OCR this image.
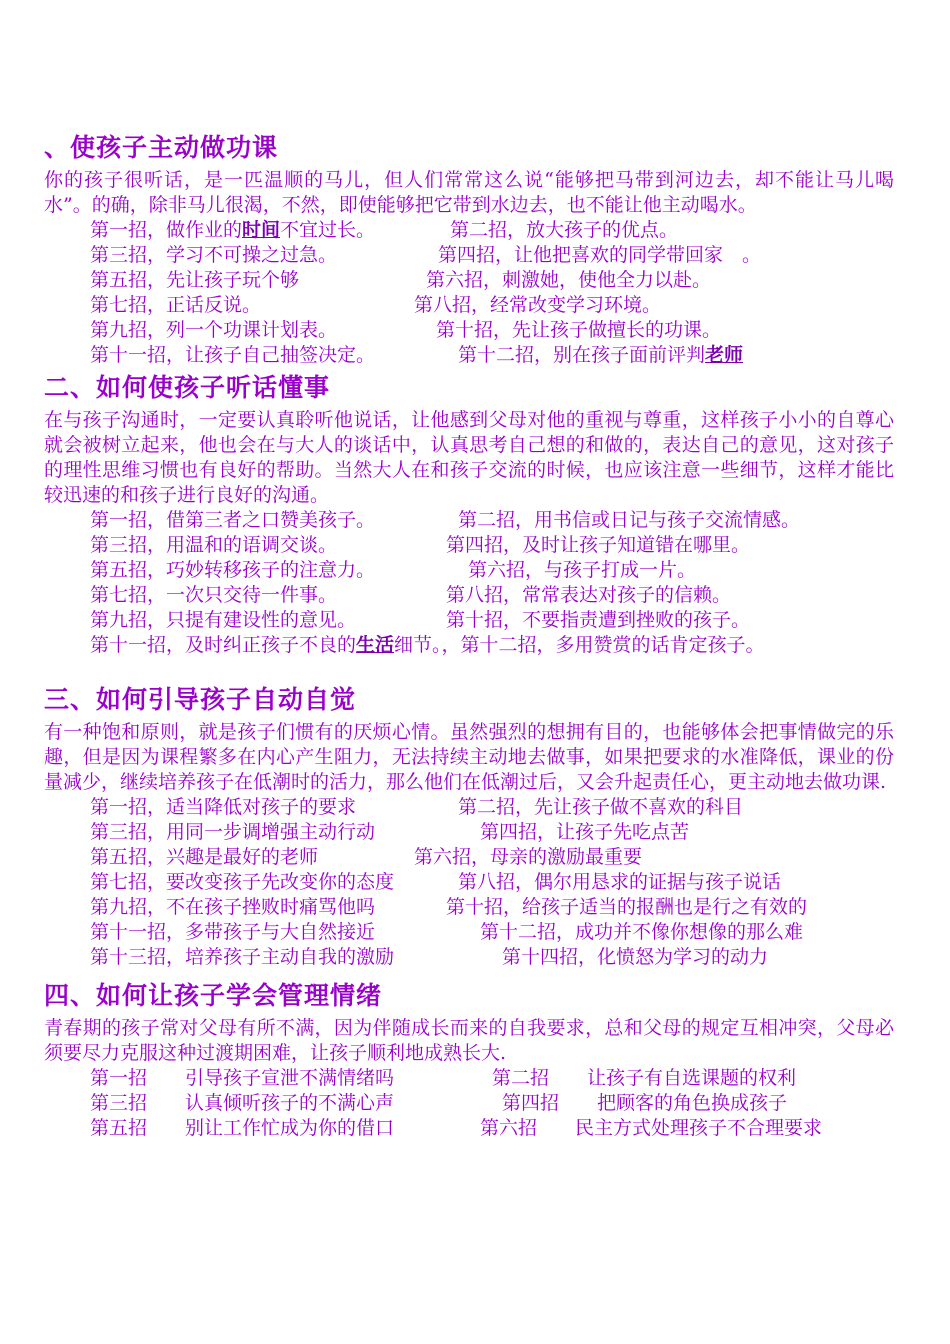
、使孩子主动做功课

你的孩子很听话，是一匹温顺的马儿，但人们常常这么说“能够把马带到河边去，却不能让马儿喝水”。的确，除非马儿很渴，不然，即使能够把它带到水边去，也不能让他主动喝水。

第一招，做作业的时间不宜过长。	第二招，放大孩子的优点。
第三招，学习不可操之过急。	第四招，让他把喜欢的同学带回家　。
第五招，先让孩子玩个够	第六招，刺激她，使他全力以赴。
第七招，正话反说。	第八招，经常改变学习环境。
第九招，列一个功课计划表。	第十招，先让孩子做擅长的功课。
第十一招，让孩子自己抽签决定。	第十二招，别在孩子面前评判老师
二、如何使孩子听话懂事

在与孩子沟通时，一定要认真聆听他说话，让他感到父母对他的重视与尊重，这样孩子小小的自尊心就会被树立起来，他也会在与大人的谈话中，认真思考自己想的和做的，表达自己的意见，这对孩子的理性思维习惯也有良好的帮助。当然大人在和孩子交流的时候，也应该注意一些细节，这样才能比较迅速的和孩子进行良好的沟通。

第一招，借第三者之口赞美孩子。	第二招，用书信或日记与孩子交流情感。
第三招，用温和的语调交谈。	第四招，及时让孩子知道错在哪里。
第五招，巧妙转移孩子的注意力。	第六招，与孩子打成一片。
第七招，一次只交待一件事。	第八招，常常表达对孩子的信赖。
第九招，只提有建设性的意见。	第十招，不要指责遭到挫败的孩子。
第十一招，及时纠正孩子不良的生活细节。，第十二招，多用赞赏的话肯定孩子。
三、如何引导孩子自动自觉

有一种饱和原则，就是孩子们惯有的厌烦心情。虽然强烈的想拥有目的，也能够体会把事情做完的乐趣，但是因为课程繁多在内心产生阻力，无法持续主动地去做事，如果把要求的水准降低，课业的份量减少，继续培养孩子在低潮时的活力，那么他们在低潮过后，又会升起责任心，更主动地去做功课.

第一招，适当降低对孩子的要求	第二招，先让孩子做不喜欢的科目
第三招，用同一步调增强主动行动	第四招，让孩子先吃点苦
第五招，兴趣是最好的老师	第六招，母亲的激励最重要
第七招，要改变孩子先改变你的态度	第八招，偶尔用恳求的证据与孩子说话
第九招，不在孩子挫败时痛骂他吗	第十招，给孩子适当的报酬也是行之有效的
第十一招，多带孩子与大自然接近	第十二招，成功并不像你想像的那么难
第十三招，培养孩子主动自我的激励	第十四招，化愤怒为学习的动力
四、如何让孩子学会管理情绪

青春期的孩子常对父母有所不满，因为伴随成长而来的自我要求，总和父母的规定互相冲突，父母必须要尽力克服这种过渡期困难，让孩子顺利地成熟长大.

第一招　　引导孩子宣泄不满情绪吗	第二招　　让孩子有自选课题的权利
第三招　　认真倾听孩子的不满心声	第四招　　把顾客的角色换成孩子
第五招　　别让工作忙成为你的借口	第六招　　民主方式处理孩子不合理要求
